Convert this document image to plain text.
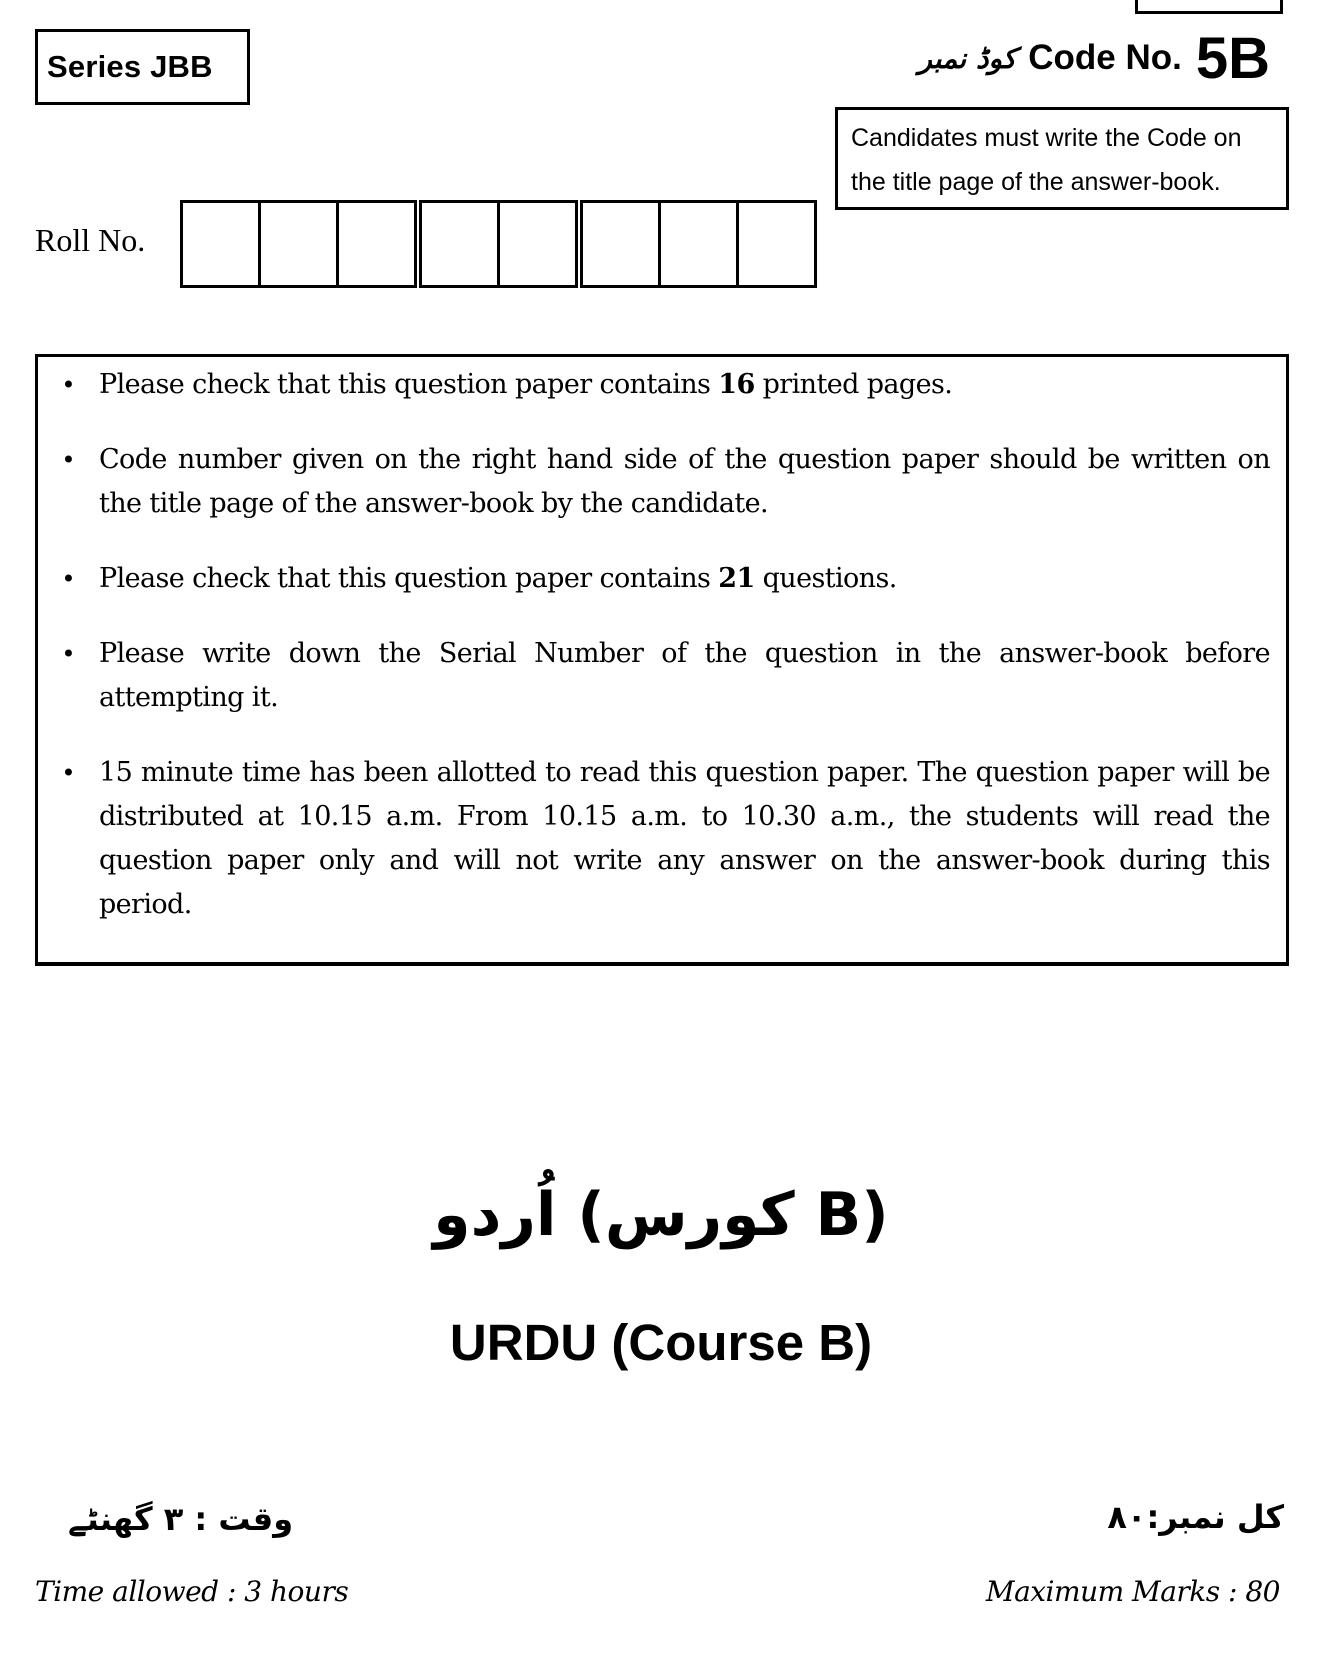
Series JBB	کوڈ نمبر Code No. 5B
Candidates must write the Code on
the title page of the answer-book.
Roll No.
• Please check that this question paper contains 16 printed pages.
• Code number given on the right hand side of the question paper should be written on the title page of the answer-book by the candidate.
• Please check that this question paper contains 21 questions.
• Please write down the Serial Number of the question in the answer-book before attempting it.
• 15 minute time has been allotted to read this question paper. The question paper will be distributed at 10.15 a.m. From 10.15 a.m. to 10.30 a.m., the students will read the question paper only and will not write any answer on the answer-book during this period.
اُردو (کورس B)
URDU (Course B)
وقت : ۳ گھنٹے	کل نمبر:۸۰
Time allowed : 3 hours	Maximum Marks : 80
